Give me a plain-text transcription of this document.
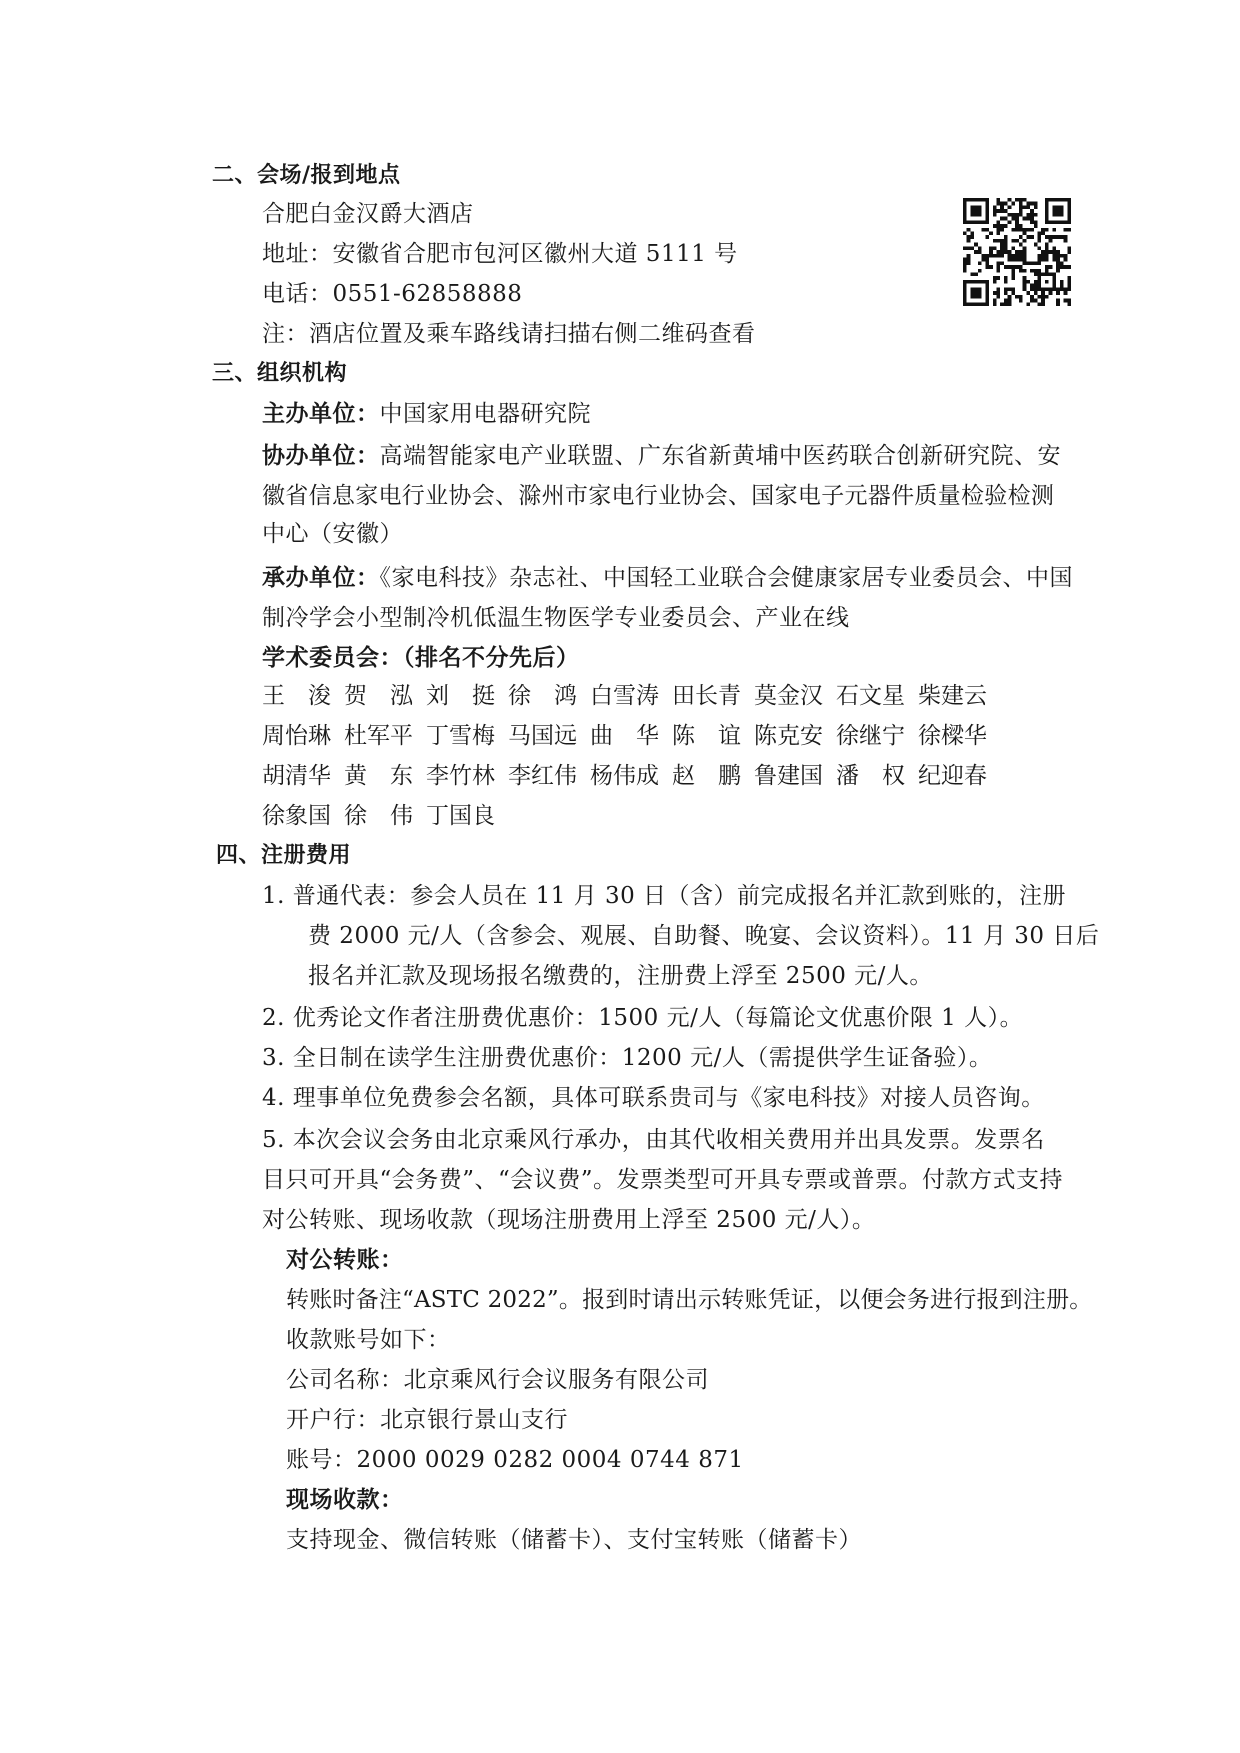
二、会场/报到地点
合肥白金汉爵大酒店
地址：安徽省合肥市包河区徽州大道 5111 号
电话：0551-62858888
注：酒店位置及乘车路线请扫描右侧二维码查看
三、组织机构
主办单位：中国家用电器研究院
协办单位：高端智能家电产业联盟、广东省新黄埔中医药联合创新研究院、安
徽省信息家电行业协会、滁州市家电行业协会、国家电子元器件质量检验检测
中心（安徽）
承办单位：《家电科技》杂志社、中国轻工业联合会健康家居专业委员会、中国
制冷学会小型制冷机低温生物医学专业委员会、产业在线
学术委员会：（排名不分先后）
王　浚 贺　泓 刘　挺 徐　鸿 白雪涛 田长青 莫金汉 石文星 柴建云
周怡琳 杜军平 丁雪梅 马国远 曲　华 陈　谊 陈克安 徐继宁 徐樑华
胡清华 黄　东 李竹林 李红伟 杨伟成 赵　鹏 鲁建国 潘　权 纪迎春
徐象国 徐　伟 丁国良
四、注册费用
1. 普通代表：参会人员在 11 月 30 日（含）前完成报名并汇款到账的，注册
费 2000 元/人（含参会、观展、自助餐、晚宴、会议资料）。11 月 30 日后
报名并汇款及现场报名缴费的，注册费上浮至 2500 元/人。
2. 优秀论文作者注册费优惠价：1500 元/人（每篇论文优惠价限 1 人）。
3. 全日制在读学生注册费优惠价：1200 元/人（需提供学生证备验）。
4. 理事单位免费参会名额，具体可联系贵司与《家电科技》对接人员咨询。
5. 本次会议会务由北京乘风行承办，由其代收相关费用并出具发票。发票名
目只可开具“会务费”、“会议费”。发票类型可开具专票或普票。付款方式支持
对公转账、现场收款（现场注册费用上浮至 2500 元/人）。
对公转账：
转账时备注“ASTC 2022”。报到时请出示转账凭证，以便会务进行报到注册。
收款账号如下：
公司名称：北京乘风行会议服务有限公司
开户行：北京银行景山支行
账号：2000 0029 0282 0004 0744 871
现场收款：
支持现金、微信转账（储蓄卡）、支付宝转账（储蓄卡）
